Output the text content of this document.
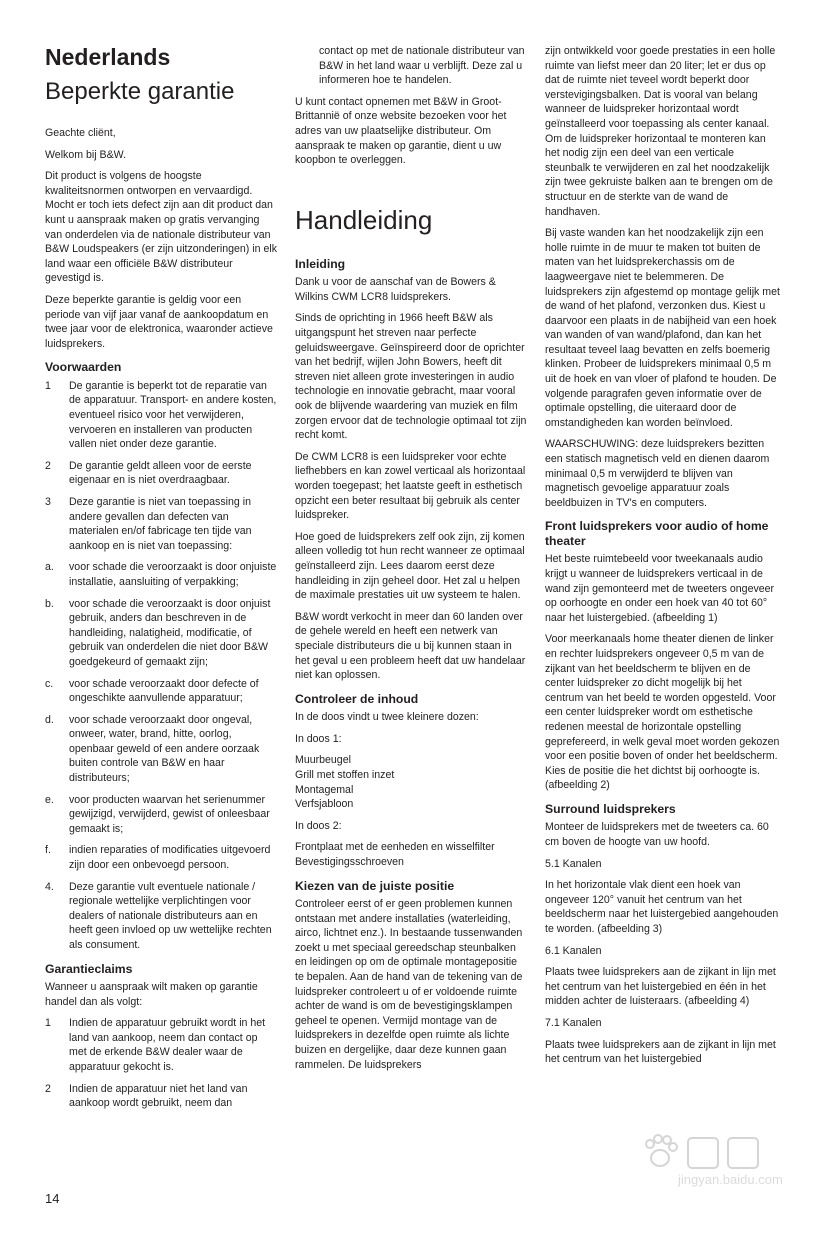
Nederlands
Beperkte garantie

Geachte cliënt,

Welkom bij B&W.

Dit product is volgens de hoogste kwaliteitsnormen ontworpen en vervaardigd. Mocht er toch iets defect zijn aan dit product dan kunt u aanspraak maken op gratis vervanging van onderdelen via de nationale distributeur van B&W Loudspeakers (er zijn uitzonderingen) in elk land waar een officiële B&W distributeur gevestigd is.

Deze beperkte garantie is geldig voor een periode van vijf jaar vanaf de aankoopdatum en twee jaar voor de elektronica, waaronder actieve luidsprekers.

Voorwaarden
1	De garantie is beperkt tot de reparatie van de apparatuur. Transport- en andere kosten, eventueel risico voor het verwijderen, vervoeren en installeren van producten vallen niet onder deze garantie.
2	De garantie geldt alleen voor de eerste eigenaar en is niet overdraagbaar.
3	Deze garantie is niet van toepassing in andere gevallen dan defecten van materialen en/of fabricage ten tijde van aankoop en is niet van toepassing:
a.	voor schade die veroorzaakt is door onjuiste installatie, aansluiting of verpakking;
b.	voor schade die veroorzaakt is door onjuist gebruik, anders dan beschreven in de handleiding, nalatigheid, modificatie, of gebruik van onderdelen die niet door B&W goedgekeurd of gemaakt zijn;
c.	voor schade veroorzaakt door defecte of ongeschikte aanvullende apparatuur;
d.	voor schade veroorzaakt door ongeval, onweer, water, brand, hitte, oorlog, openbaar geweld of een andere oorzaak buiten controle van B&W en haar distributeurs;
e.	voor producten waarvan het serienummer gewijzigd, verwijderd, gewist of onleesbaar gemaakt is;
f.	indien reparaties of modificaties uitgevoerd zijn door een onbevoegd persoon.
4.	Deze garantie vult eventuele nationale / regionale wettelijke verplichtingen voor dealers of nationale distributeurs aan en heeft geen invloed op uw wettelijke rechten als consument.
Garantieclaims

Wanneer u aanspraak wilt maken op garantie handel dan als volgt:

1	Indien de apparatuur gebruikt wordt in het land van aankoop, neem dan contact op met de erkende B&W dealer waar de apparatuur gekocht is.
2	Indien de apparatuur niet het land van aankoop wordt gebruikt, neem dan
14

contact op met de nationale distributeur van B&W in het land waar u verblijft. Deze zal u informeren hoe te handelen.

U kunt contact opnemen met B&W in Groot-Brittannië of onze website bezoeken voor het adres van uw plaatselijke distributeur. Om aanspraak te maken op garantie, dient u uw koopbon te overleggen.

Handleiding
Inleiding

Dank u voor de aanschaf van de Bowers & Wilkins CWM LCR8 luidsprekers.

Sinds de oprichting in 1966 heeft B&W als uitgangspunt het streven naar perfecte geluidsweergave. Geïnspireerd door de oprichter van het bedrijf, wijlen John Bowers, heeft dit streven niet alleen grote investeringen in audio technologie en innovatie gebracht, maar vooral ook de blijvende waardering van muziek en film zorgen ervoor dat de technologie optimaal tot zijn recht komt.

De CWM LCR8 is een luidspreker voor echte liefhebbers en kan zowel verticaal als horizontaal worden toegepast; het laatste geeft in esthetisch opzicht een beter resultaat bij gebruik als center luidspreker.

Hoe goed de luidsprekers zelf ook zijn, zij komen alleen volledig tot hun recht wanneer ze optimaal geïnstalleerd zijn. Lees daarom eerst deze handleiding in zijn geheel door. Het zal u helpen de maximale prestaties uit uw systeem te halen.

B&W wordt verkocht in meer dan 60 landen over de gehele wereld en heeft een netwerk van speciale distributeurs die u bij kunnen staan in het geval u een probleem heeft dat uw handelaar niet kan oplossen.

Controleer de inhoud

In de doos vindt u twee kleinere dozen:

In doos 1:

Muurbeugel

Grill met stoffen inzet

Montagemal

Verfsjabloon

In doos 2:

Frontplaat met de eenheden en wisselfilter

Bevestigingsschroeven

Kiezen van de juiste positie

Controleer eerst of er geen problemen kunnen ontstaan met andere installaties (waterleiding, airco, lichtnet enz.). In bestaande tussenwanden zoekt u met speciaal gereedschap steunbalken en leidingen op om de optimale montagepositie te bepalen. Aan de hand van de tekening van de luidspreker controleert u of er voldoende ruimte achter de wand is om de bevestigingsklampen geheel te openen. Vermijd montage van de luidsprekers in dezelfde open ruimte als lichte buizen en dergelijke, daar deze kunnen gaan rammelen. De luidsprekers

zijn ontwikkeld voor goede prestaties in een holle ruimte van liefst meer dan 20 liter; let er dus op dat de ruimte niet teveel wordt beperkt door verstevigingsbalken. Dat is vooral van belang wanneer de luidspreker horizontaal wordt geïnstalleerd voor toepassing als center kanaal. Om de luidspreker horizontaal te monteren kan het nodig zijn een deel van een verticale steunbalk te verwijderen en zal het noodzakelijk zijn twee gekruiste balken aan te brengen om de structuur en de sterkte van de wand de handhaven.

Bij vaste wanden kan het noodzakelijk zijn een holle ruimte in de muur te maken tot buiten de maten van het luidsprekerchassis om de laagweergave niet te belemmeren. De luidsprekers zijn afgestemd op montage gelijk met de wand of het plafond, verzonken dus. Kiest u daarvoor een plaats in de nabijheid van een hoek van wanden of van wand/plafond, dan kan het resultaat teveel laag bevatten en zelfs boemerig klinken. Probeer de luidsprekers minimaal 0,5 m uit de hoek en van vloer of plafond te houden. De volgende paragrafen geven informatie over de optimale opstelling, die uiteraard door de omstandigheden kan worden beïnvloed.

WAARSCHUWING: deze luidsprekers bezitten een statisch magnetisch veld en dienen daarom minimaal 0,5 m verwijderd te blijven van magnetisch gevoelige apparatuur zoals beeldbuizen in TV's en computers.

Front luidsprekers voor audio of home theater

Het beste ruimtebeeld voor tweekanaals audio krijgt u wanneer de luidsprekers verticaal in de wand zijn gemonteerd met de tweeters ongeveer op oorhoogte en onder een hoek van 40 tot 60° naar het luistergebied. (afbeelding 1)

Voor meerkanaals home theater dienen de linker en rechter luidsprekers ongeveer 0,5 m van de zijkant van het beeldscherm te blijven en de center luidspreker zo dicht mogelijk bij het centrum van het beeld te worden opgesteld. Voor een center luidspreker wordt om esthetische redenen meestal de horizontale opstelling geprefereerd, in welk geval moet worden gekozen voor een positie boven of onder het beeldscherm. Kies de positie die het dichtst bij oorhoogte is. (afbeelding 2)

Surround luidsprekers

Monteer de luidsprekers met de tweeters ca. 60 cm boven de hoogte van uw hoofd.

5.1 Kanalen

In het horizontale vlak dient een hoek van ongeveer 120° vanuit het centrum van het beeldscherm naar het luistergebied aangehouden te worden. (afbeelding 3)

6.1 Kanalen

Plaats twee luidsprekers aan de zijkant in lijn met het centrum van het luistergebied en één in het midden achter de luisteraars. (afbeelding 4)

7.1 Kanalen

Plaats twee luidsprekers aan de zijkant in lijn met het centrum van het luistergebied

jingyan.baidu.com
